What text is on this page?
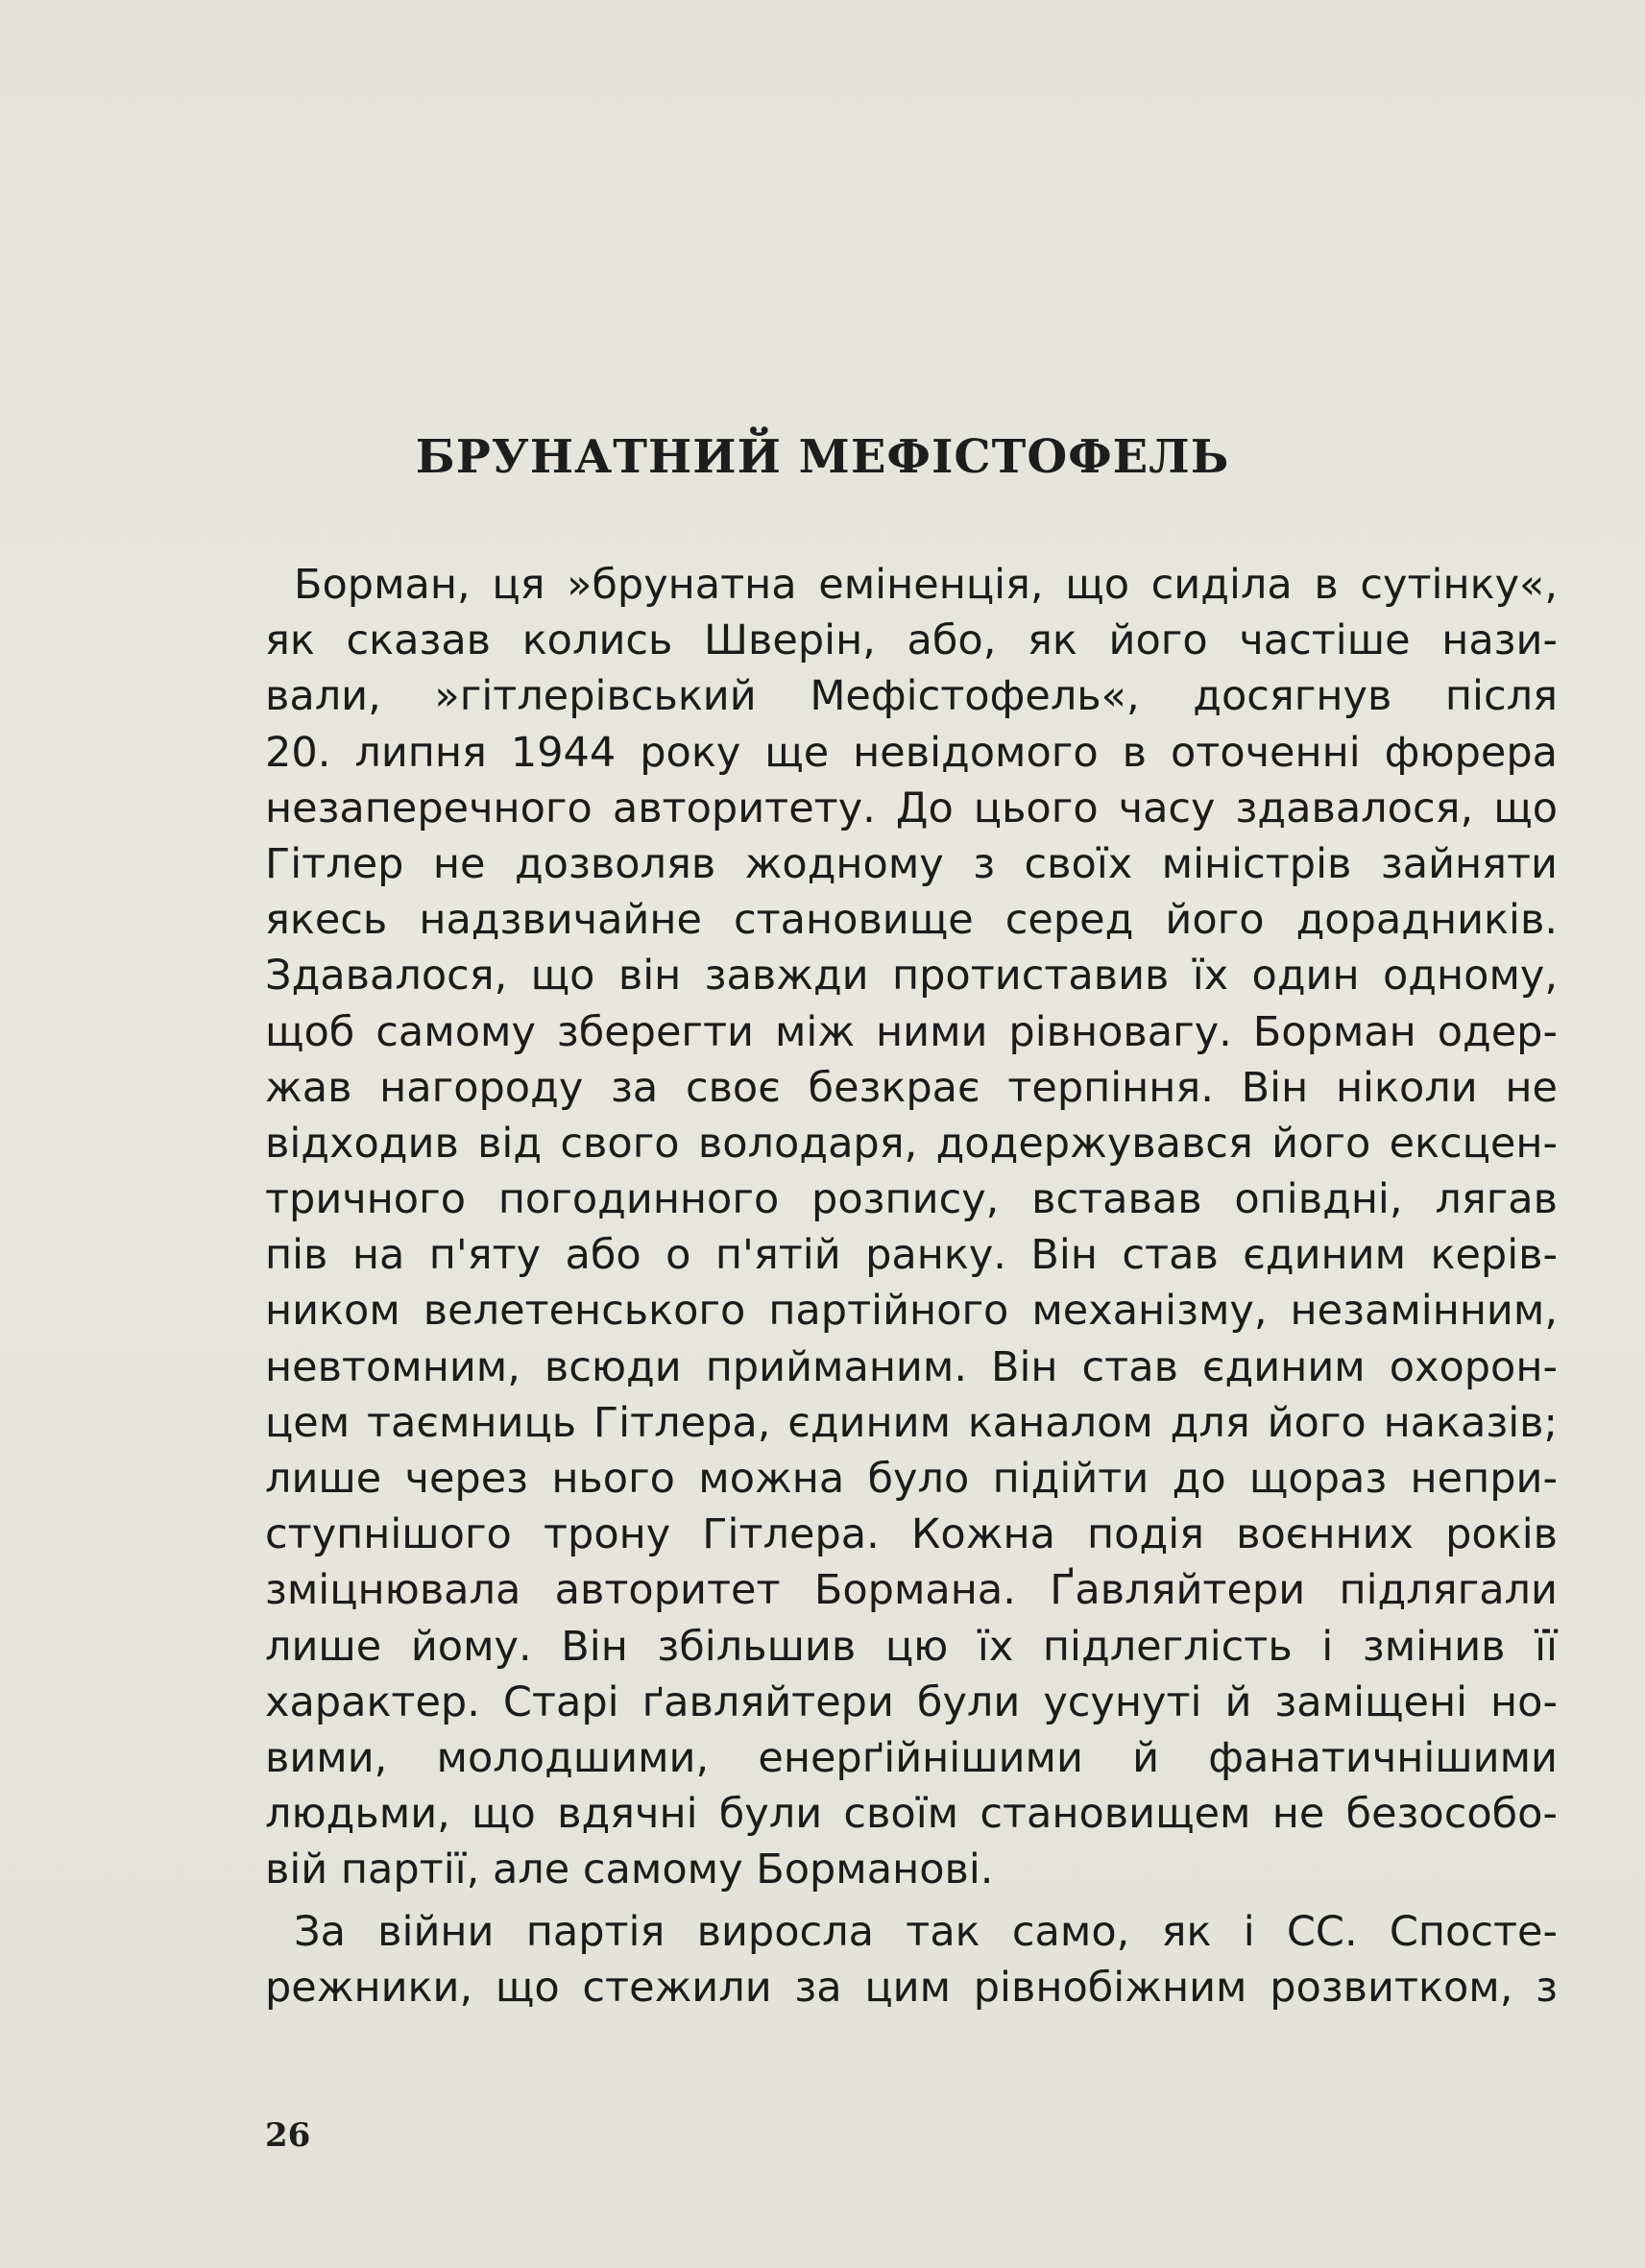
БРУНАТНИЙ МЕФІСТОФЕЛЬ
Борман, ця »брунатна еміненція, що сиділа в сутінку«,
як сказав колись Шверін, або, як його частіше нази-
вали, »гітлерівський Мефістофель«, досягнув після
20. липня 1944 року ще невідомого в оточенні фюрера
незаперечного авторитету. До цього часу здавалося, що
Гітлер не дозволяв жодному з своїх міністрів зайняти
якесь надзвичайне становище серед його дорадників.
Здавалося, що він завжди протиставив їх один одному,
щоб самому зберегти між ними рівновагу. Борман одер-
жав нагороду за своє безкрає терпіння. Він ніколи не
відходив від свого володаря, додержувався його ексцен-
тричного погодинного розпису, вставав опівдні, лягав
пів на п'яту або о п'ятій ранку. Він став єдиним керів-
ником велетенського партійного механізму, незамінним,
невтомним, всюди прийманим. Він став єдиним охорон-
цем таємниць Гітлера, єдиним каналом для його наказів;
лише через нього можна було підійти до щораз непри-
ступнішого трону Гітлера. Кожна подія воєнних років
зміцнювала авторитет Бормана. Ґавляйтери підлягали
лише йому. Він збільшив цю їх підлеглість і змінив її
характер. Старі ґавляйтери були усунуті й заміщені но-
вими, молодшими, енерґійнішими й фанатичнішими
людьми, що вдячні були своїм становищем не безособо-
вій партії, але самому Борманові.
За війни партія виросла так само, як і СС. Спосте-
режники, що стежили за цим рівнобіжним розвитком, з
26
